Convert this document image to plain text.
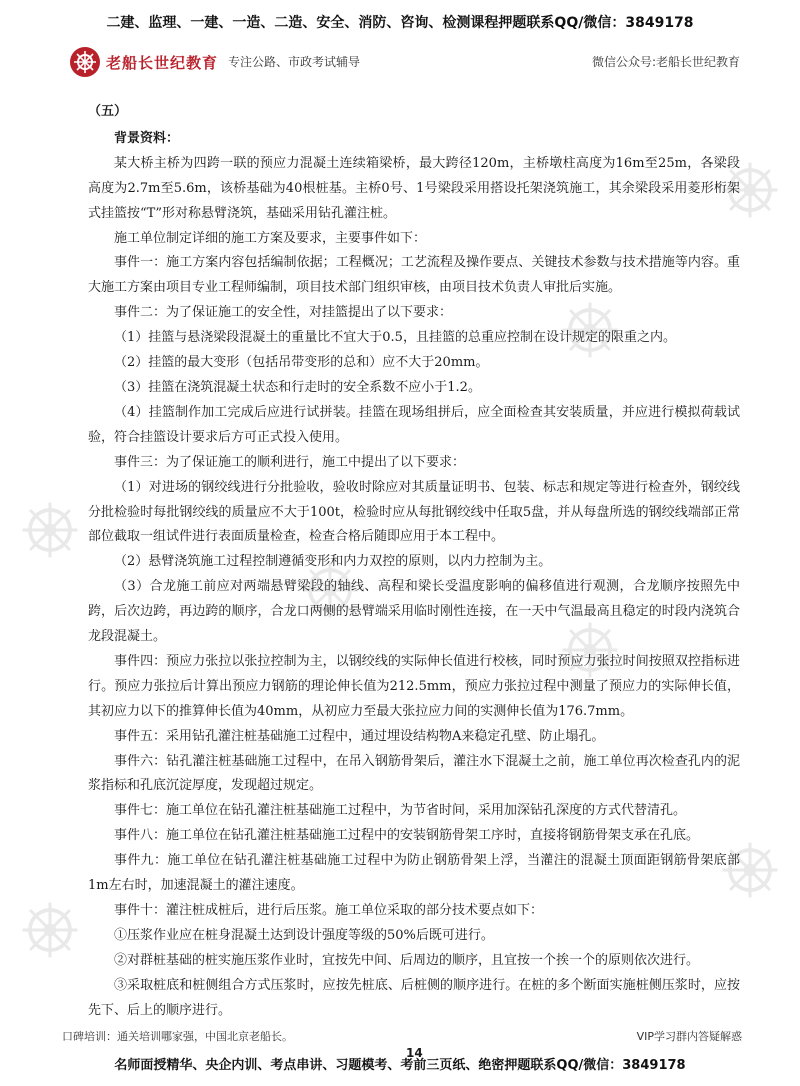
二建、监理、一建、一造、二造、安全、消防、咨询、检测课程押题联系QQ/微信：3849178
老船长世纪教育 专注公路、市政考试辅导	微信公众号:老船长世纪教育

（五）

背景资料：

某大桥主桥为四跨一联的预应力混凝土连续箱梁桥，最大跨径120m，主桥墩柱高度为16m至25m，各梁段高度为2.7m至5.6m，该桥基础为40根桩基。主桥0号、1号梁段采用搭设托架浇筑施工，其余梁段采用菱形桁架式挂篮按“T”形对称悬臂浇筑，基础采用钻孔灌注桩。

施工单位制定详细的施工方案及要求，主要事件如下：

事件一：施工方案内容包括编制依据；工程概况；工艺流程及操作要点、关键技术参数与技术措施等内容。重大施工方案由项目专业工程师编制，项目技术部门组织审核，由项目技术负责人审批后实施。

事件二：为了保证施工的安全性，对挂篮提出了以下要求：

（1）挂篮与悬浇梁段混凝土的重量比不宜大于0.5，且挂篮的总重应控制在设计规定的限重之内。

（2）挂篮的最大变形（包括吊带变形的总和）应不大于20mm。

（3）挂篮在浇筑混凝土状态和行走时的安全系数不应小于1.2。

（4）挂篮制作加工完成后应进行试拼装。挂篮在现场组拼后，应全面检查其安装质量，并应进行模拟荷载试验，符合挂篮设计要求后方可正式投入使用。

事件三：为了保证施工的顺利进行，施工中提出了以下要求：

（1）对进场的钢绞线进行分批验收，验收时除应对其质量证明书、包装、标志和规定等进行检查外，钢绞线分批检验时每批钢绞线的质量应不大于100t，检验时应从每批钢绞线中任取5盘，并从每盘所选的钢绞线端部正常部位截取一组试件进行表面质量检查，检查合格后随即应用于本工程中。

（2）悬臂浇筑施工过程控制遵循变形和内力双控的原则，以内力控制为主。

（3）合龙施工前应对两端悬臂梁段的轴线、高程和梁长受温度影响的偏移值进行观测，合龙顺序按照先中跨，后次边跨，再边跨的顺序，合龙口两侧的悬臂端采用临时刚性连接，在一天中气温最高且稳定的时段内浇筑合龙段混凝土。

事件四：预应力张拉以张拉控制为主，以钢绞线的实际伸长值进行校核，同时预应力张拉时间按照双控指标进行。预应力张拉后计算出预应力钢筋的理论伸长值为212.5mm，预应力张拉过程中测量了预应力的实际伸长值，其初应力以下的推算伸长值为40mm，从初应力至最大张拉应力间的实测伸长值为176.7mm。

事件五：采用钻孔灌注桩基础施工过程中，通过埋设结构物A来稳定孔壁、防止塌孔。

事件六：钻孔灌注桩基础施工过程中，在吊入钢筋骨架后，灌注水下混凝土之前，施工单位再次检查孔内的泥浆指标和孔底沉淀厚度，发现超过规定。

事件七：施工单位在钻孔灌注桩基础施工过程中，为节省时间，采用加深钻孔深度的方式代替清孔。

事件八：施工单位在钻孔灌注桩基础施工过程中的安装钢筋骨架工序时，直接将钢筋骨架支承在孔底。

事件九：施工单位在钻孔灌注桩基础施工过程中为防止钢筋骨架上浮，当灌注的混凝土顶面距钢筋骨架底部1m左右时，加速混凝土的灌注速度。

事件十：灌注桩成桩后，进行后压浆。施工单位采取的部分技术要点如下：

①压浆作业应在桩身混凝土达到设计强度等级的50%后既可进行。

②对群桩基础的桩实施压浆作业时，宜按先中间、后周边的顺序，且宜按一个挨一个的原则依次进行。

③采取桩底和桩侧组合方式压浆时，应按先桩底、后桩侧的顺序进行。在桩的多个断面实施桩侧压浆时，应按先下、后上的顺序进行。

口碑培训：通关培训哪家强，中国北京老船长。	VIP学习群内答疑解惑
14
名师面授精华、央企内训、考点串讲、习题模考、考前三页纸、绝密押题联系QQ/微信：3849178
